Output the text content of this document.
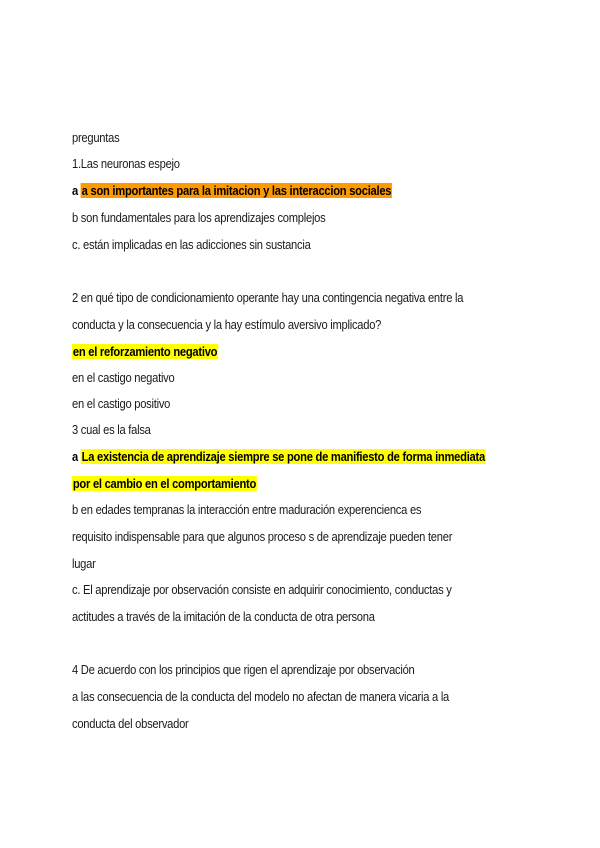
preguntas
1.Las neuronas espejo
a a son importantes para la imitacion y las interaccion sociales
b son fundamentales para los aprendizajes complejos
c. están implicadas en las adicciones sin sustancia
2 en qué tipo de condicionamiento operante hay una contingencia negativa entre la
conducta y la consecuencia y la hay estímulo aversivo implicado?
en el reforzamiento negativo
en el castigo negativo
en el castigo positivo
3 cual es la falsa
a La existencia de aprendizaje siempre se pone de manifiesto de forma inmediata
por el cambio en el comportamiento
b en edades tempranas la interacción entre maduración experencienca es
requisito indispensable para que algunos proceso s de aprendizaje pueden tener
lugar
c. El aprendizaje por observación consiste en adquirir conocimiento, conductas y
actitudes a través de la imitación de la conducta de otra persona
4 De acuerdo con los principios que rigen el aprendizaje por observación
a las consecuencia de la conducta del modelo no afectan de manera vicaria a la
conducta del observador
